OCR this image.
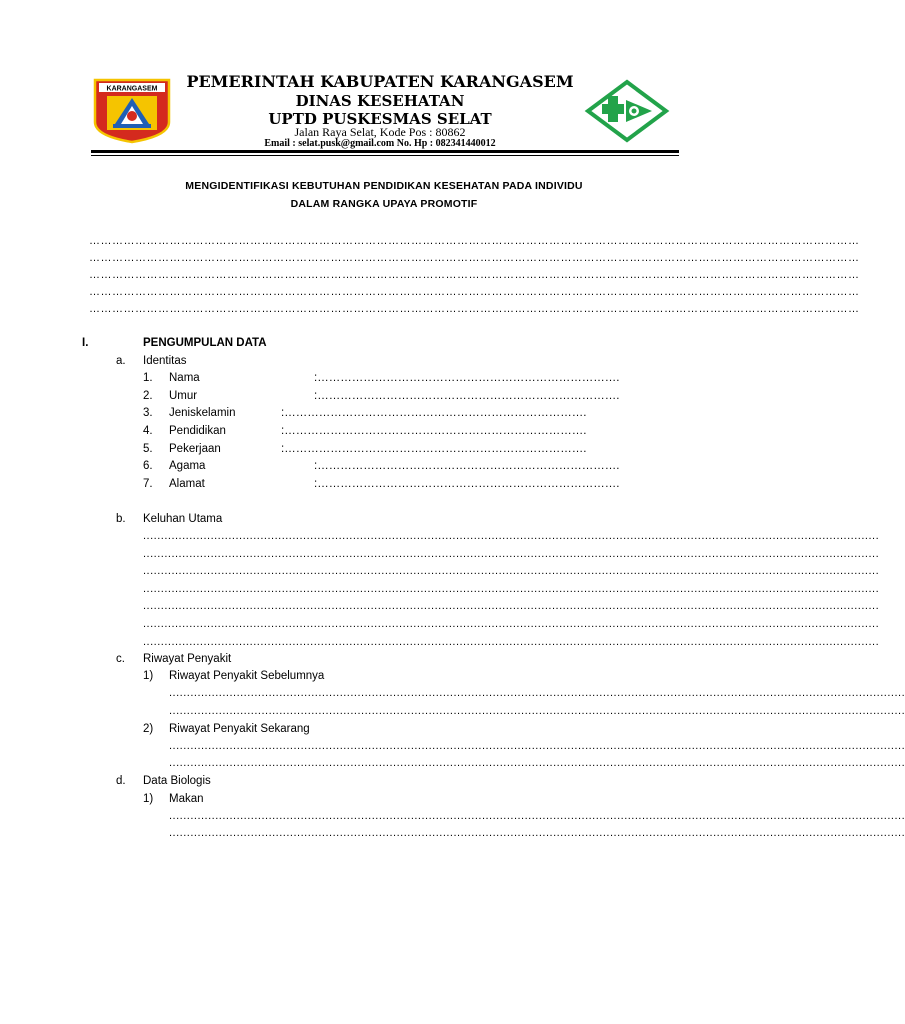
KARANGASEM	PEMERINTAH KABUPATEN KARANGASEM
DINAS KESEHATAN
UPTD PUSKESMAS SELAT
Jalan Raya Selat, Kode Pos : 80862
Email : selat.pusk@gmail.com No. Hp : 082341440012
MENGIDENTIFIKASI KEBUTUHAN PENDIDIKAN KESEHATAN PADA INDIVIDU
DALAM RANGKA UPAYA PROMOTIF
…………………………………………………………………………………………………………………………………………………………………………………
…………………………………………………………………………………………………………………………………………………………………………………
…………………………………………………………………………………………………………………………………………………………………………………
…………………………………………………………………………………………………………………………………………………………………………………
…………………………………………………………………………………………………………………………………………………………………………………
I.	PENGUMPULAN DATA
a. Identitas
1. Nama	:…………………………………………………………………….
2. Umur	:…………………………………………………………………….
3. Jeniskelamin	:…………………………………………………………………….
4. Pendidikan	:…………………………………………………………………….
5. Pekerjaan	:…………………………………………………………………….
6. Agama	:…………………………………………………………………….
7. Alamat	:…………………………………………………………………….
b. Keluhan Utama
...............................................................................................................................................................................................................
...............................................................................................................................................................................................................
...............................................................................................................................................................................................................
...............................................................................................................................................................................................................
...............................................................................................................................................................................................................
...............................................................................................................................................................................................................
...............................................................................................................................................................................................................
c. Riwayat Penyakit
1) Riwayat Penyakit Sebelumnya
...............................................................................................................................................................................................................
...............................................................................................................................................................................................................
2) Riwayat Penyakit Sekarang
...............................................................................................................................................................................................................
...............................................................................................................................................................................................................
d. Data Biologis
1) Makan
...............................................................................................................................................................................................................
...............................................................................................................................................................................................................
